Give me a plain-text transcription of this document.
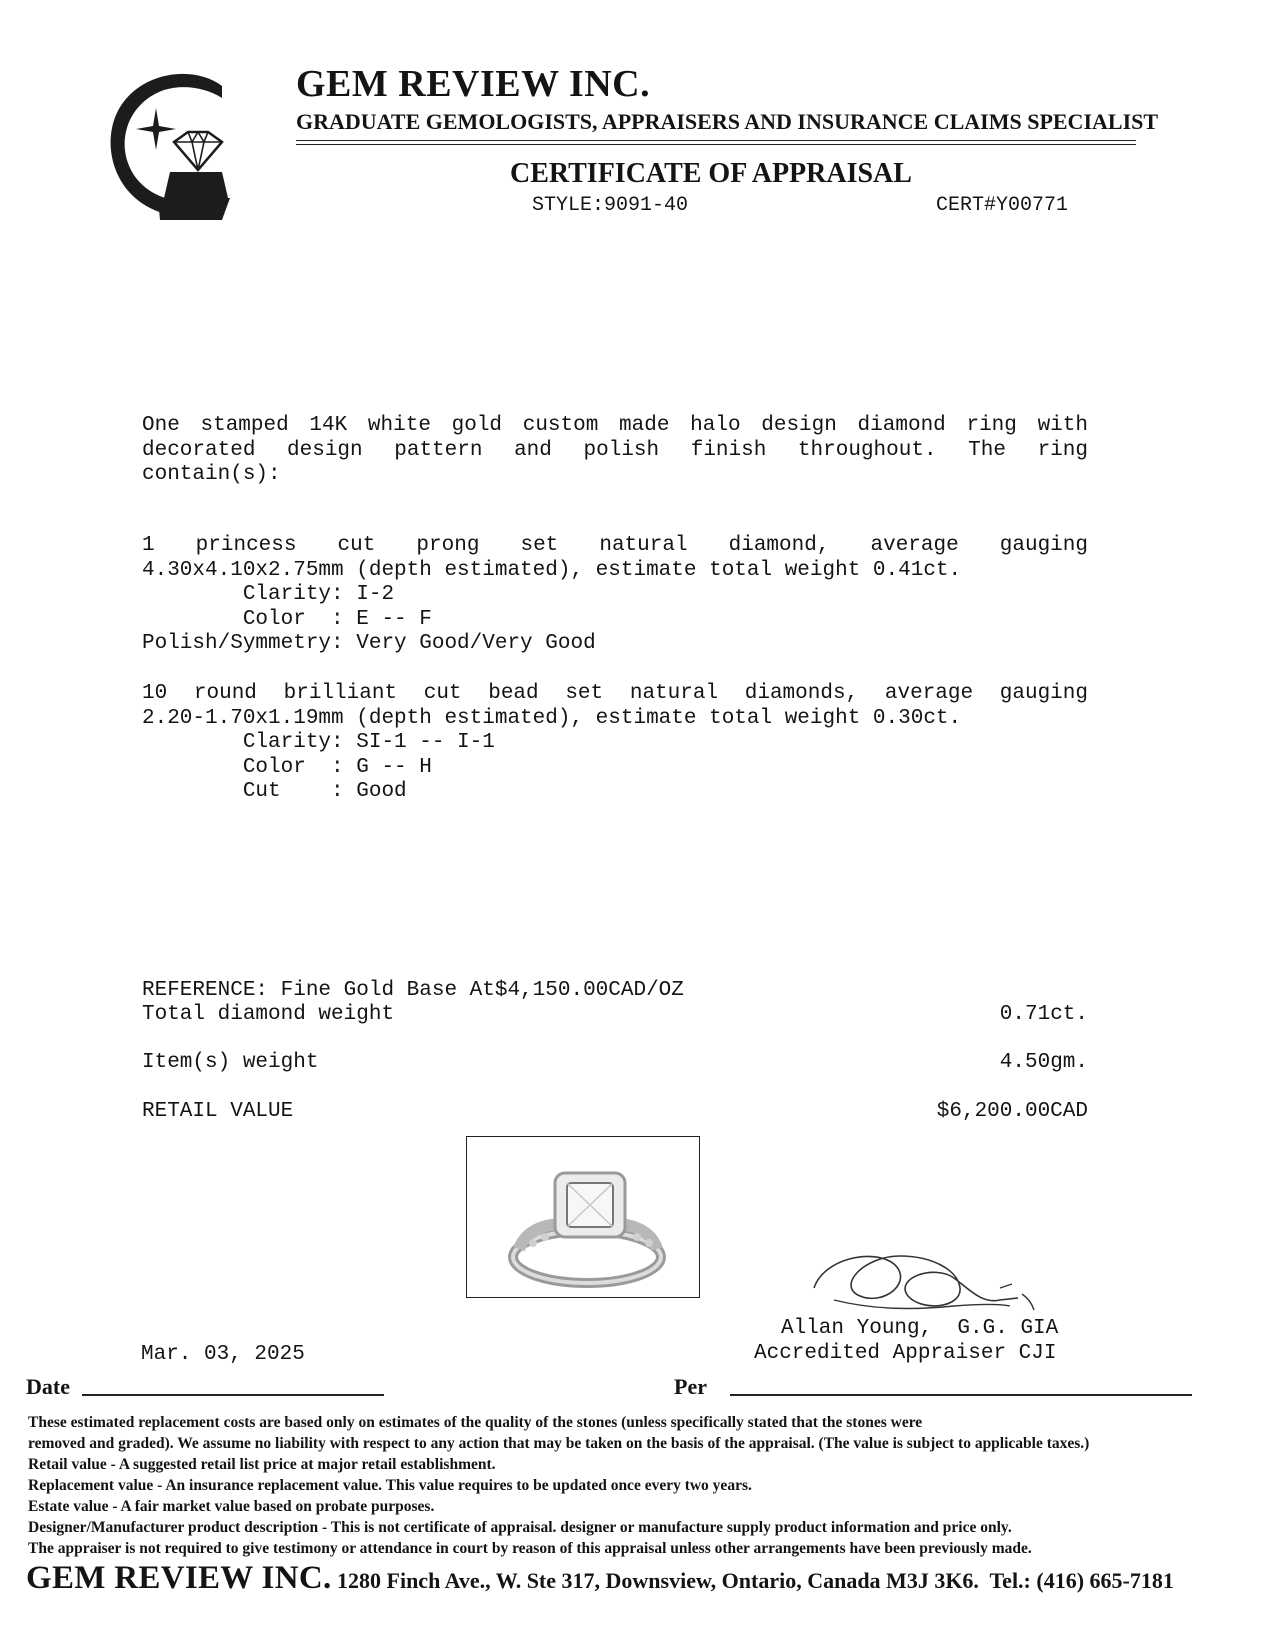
GEM REVIEW INC.
GRADUATE GEMOLOGISTS, APPRAISERS AND INSURANCE CLAIMS SPECIALIST
CERTIFICATE OF APPRAISAL
STYLE:9091-40	CERT#Y00771
One stamped 14K white gold custom made halo design diamond ring with
decorated design pattern and polish finish throughout. The ring
contain(s):
1 princess cut prong set natural diamond, average gauging
4.30x4.10x2.75mm (depth estimated), estimate total weight 0.41ct.
Clarity: I-2
Color  : E -- F
Polish/Symmetry: Very Good/Very Good
10 round brilliant cut bead set natural diamonds, average gauging
2.20-1.70x1.19mm (depth estimated), estimate total weight 0.30ct.
Clarity: SI-1 -- I-1
Color  : G -- H
Cut    : Good
REFERENCE: Fine Gold Base At$4,150.00CAD/OZ
Total diamond weight	0.71ct.
Item(s) weight	4.50gm.
RETAIL VALUE	$6,200.00CAD
Mar. 03, 2025
Allan Young,  G.G. GIA
Accredited Appraiser CJI
Date	Per
These estimated replacement costs are based only on estimates of the quality of the stones (unless specifically stated that the stones were
removed and graded). We assume no liability with respect to any action that may be taken on the basis of the appraisal. (The value is subject to applicable taxes.)
Retail value - A suggested retail list price at major retail establishment.
Replacement value - An insurance replacement value. This value requires to be updated once every two years.
Estate value - A fair market value based on probate purposes.
Designer/Manufacturer product description - This is not certificate of appraisal. designer or manufacture supply product information and price only.
The appraiser is not required to give testimony or attendance in court by reason of this appraisal unless other arrangements have been previously made.
GEM REVIEW INC. 1280 Finch Ave., W. Ste 317, Downsview, Ontario, Canada M3J 3K6.  Tel.: (416) 665-7181
